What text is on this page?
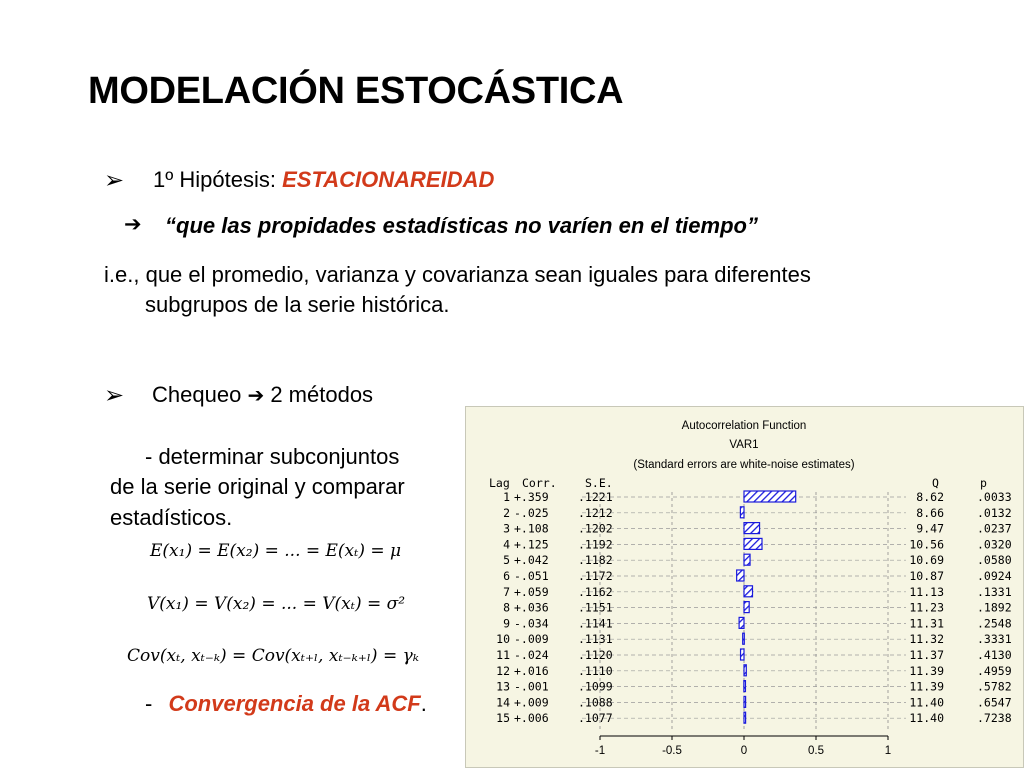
MODELACIÓN ESTOCÁSTICA
➢ 1º Hipótesis: ESTACIONAREIDAD
➔ “que las propidades estadísticas no varíen en el tiempo”
i.e., que el promedio, varianza y covarianza sean iguales para diferentes
subgrupos de la serie histórica.
➢ Chequeo ➔ 2 métodos
- determinar subconjuntos
de la serie original y comparar
estadísticos.
E(x₁) = E(x₂) = ... = E(xₜ) = μ
V(x₁) = V(x₂) = ... = V(xₜ) = σ²
Cov(xₜ, xₜ₋ₖ) = Cov(xₜ₊ₗ, xₜ₋ₖ₊ₗ) = γₖ
- Convergencia de la ACF.
Autocorrelation Function
VAR1
(Standard errors are white-noise estimates)
Lag Corr. S.E.	Q	p
1 +.359	.1221	8.62	.0033
2 -.025	.1212	8.66	.0132
3 +.108	.1202	9.47	.0237
4 +.125	.1192	10.56	.0320
5 +.042	.1182	10.69	.0580
6 -.051	.1172	10.87	.0924
7 +.059	.1162	11.13	.1331
8 +.036	.1151	11.23	.1892
9 -.034	.1141	11.31	.2548
10 -.009	.1131	11.32	.3331
11 -.024	.1120	11.37	.4130
12 +.016	.1110	11.39	.4959
13 -.001	.1099	11.39	.5782
14 +.009	.1088	11.40	.6547
15 +.006	.1077	11.40	.7238
-1	-0.5	0	0.5	1
